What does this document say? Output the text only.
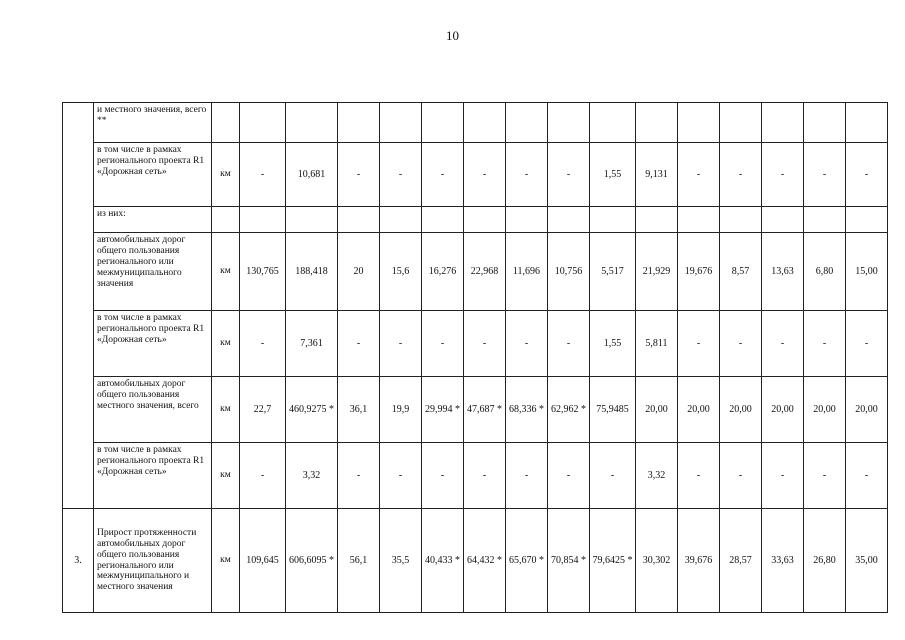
10
	и местного значения, всего **																
	в том числе в рамках регионального проекта R1 «Дорожная сеть»	км	-	10,681	-	-	-	-	-	-	1,55	9,131	-	-	-	-	-
	из них:																
	автомобильных дорог общего пользования регионального или межмуниципального значения	км	130,765	188,418	20	15,6	16,276	22,968	11,696	10,756	5,517	21,929	19,676	8,57	13,63	6,80	15,00
	в том числе в рамках регионального проекта R1 «Дорожная сеть»	км	-	7,361	-	-	-	-	-	-	1,55	5,811	-	-	-	-	-
	автомобильных дорог общего пользования местного значения, всего	км	22,7	460,9275 *	36,1	19,9	29,994 *	47,687 *	68,336 *	62,962 *	75,9485	20,00	20,00	20,00	20,00	20,00	20,00
	в том числе в рамках регионального проекта R1 «Дорожная сеть»	км	-	3,32	-	-	-	-	-	-	-	3,32	-	-	-	-	-
3.	Прирост протяженности автомобильных дорог общего пользования регионального или межмуниципального и местного значения	км	109,645	606,6095 *	56,1	35,5	40,433 *	64,432 *	65,670 *	70,854 *	79,6425 *	30,302	39,676	28,57	33,63	26,80	35,00
